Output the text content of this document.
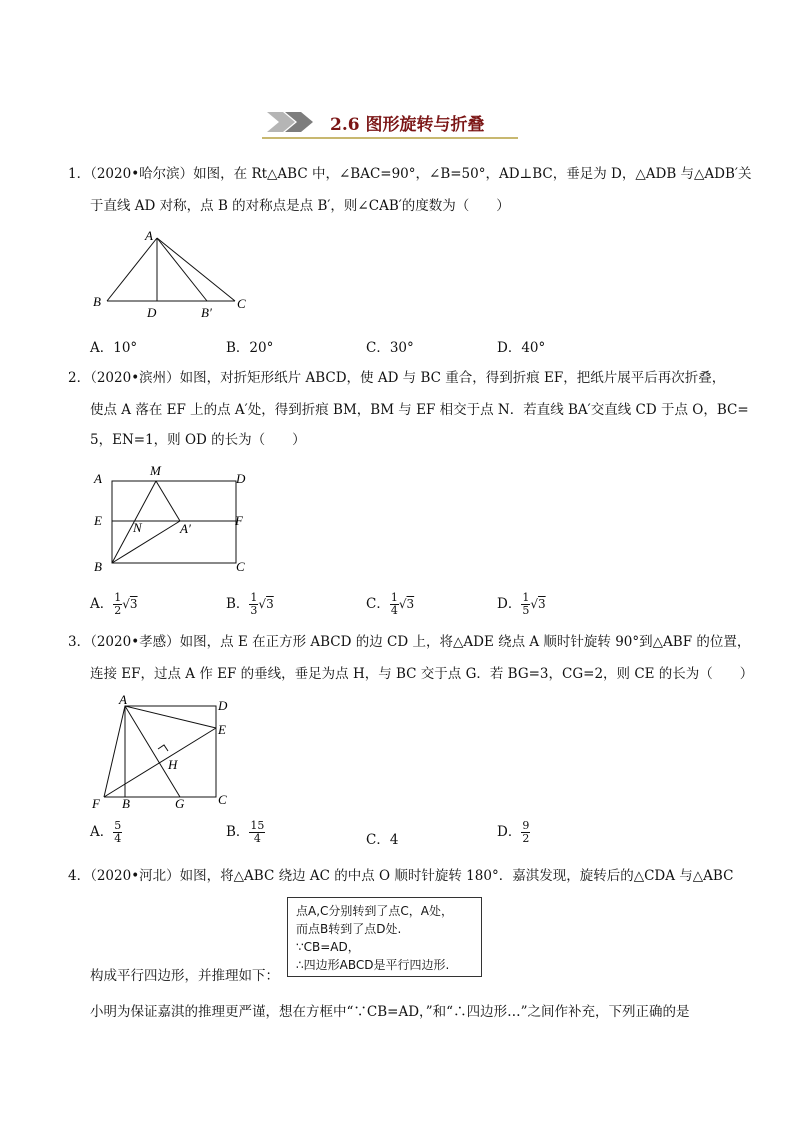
2.6 图形旋转与折叠
1．（2020•哈尔滨）如图，在 Rt△ABC 中，∠BAC=90°，∠B=50°，AD⊥BC，垂足为 D，△ADB 与△ADB′关
于直线 AD 对称，点 B 的对称点是点 B′，则∠CAB′的度数为（　　）
A
B	C
D	B′
A．10°	B．20°	C．30°	D．40°
2．（2020•滨州）如图，对折矩形纸片 ABCD，使 AD 与 BC 重合，得到折痕 EF，把纸片展平后再次折叠，
使点 A 落在 EF 上的点 A′处，得到折痕 BM，BM 与 EF 相交于点 N．若直线 BA′交直线 CD 于点 O，BC=
5，EN=1，则 OD 的长为（　　）
A
M
D
E	F
N	A′
B	C
A． $\frac{1}{2} √3$	B． $\frac{1}{3} √3$	C． $\frac{1}{4} √3$	D． $\frac{1}{5} √3$
3．（2020•孝感）如图，点 E 在正方形 ABCD 的边 CD 上，将△ADE 绕点 A 顺时针旋转 90°到△ABF 的位置，
连接 EF，过点 A 作 EF 的垂线，垂足为点 H，与 BC 交于点 G．若 BG=3，CG=2，则 CE 的长为（　　）
A	D
E
H
F B	G	C
A． $\frac{5}{4}$	B． $\frac{15}{4}$	C．4	D． $\frac{9}{2}$
4．（2020•河北）如图，将△ABC 绕边 AC 的中点 O 顺时针旋转 180°．嘉淇发现，旋转后的△CDA 与△ABC
点A,C分别转到了点C，A处，
而点B转到了点D处.
∵CB=AD，
∴四边形ABCD是平行四边形.
构成平行四边形，并推理如下：
小明为保证嘉淇的推理更严谨，想在方框中“∵CB=AD，”和“∴四边形…”之间作补充，下列正确的是
